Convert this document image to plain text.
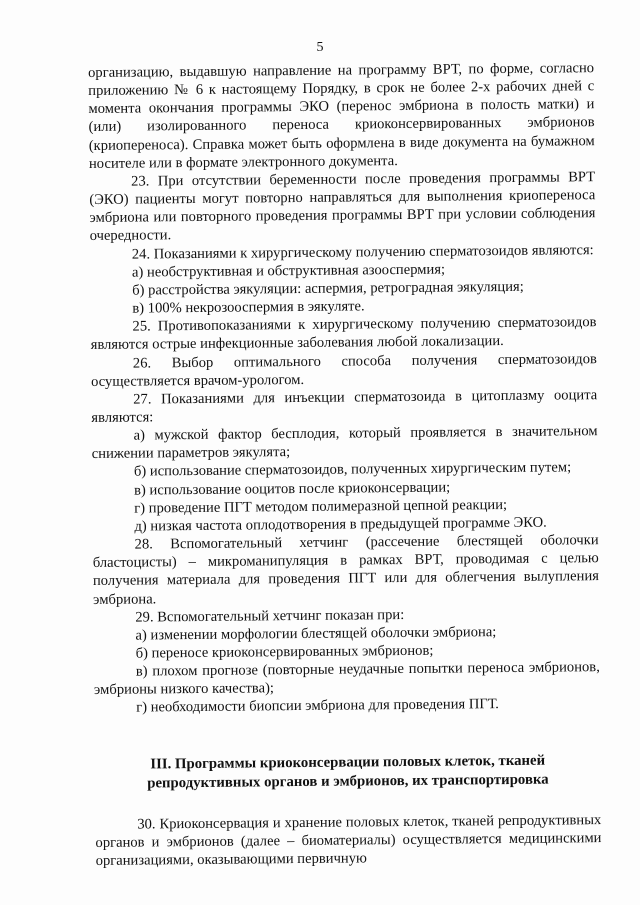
5

организацию, выдавшую направление на программу ВРТ, по форме, согласно приложению № 6 к настоящему Порядку, в срок не более 2-х рабочих дней с момента окончания программы ЭКО (перенос эмбриона в полость матки) и (или) изолированного переноса криоконсервированных эмбрионов (криопереноса). Справка может быть оформлена в виде документа на бумажном носителе или в формате электронного документа.

23. При отсутствии беременности после проведения программы ВРТ (ЭКО) пациенты могут повторно направляться для выполнения криопереноса эмбриона или повторного проведения программы ВРТ при условии соблюдения очередности.

24. Показаниями к хирургическому получению сперматозоидов являются:

а) необструктивная и обструктивная азооспермия;

б) расстройства эякуляции: аспермия, ретроградная эякуляция;

в) 100% некрозооспермия в эякуляте.

25. Противопоказаниями к хирургическому получению сперматозоидов являются острые инфекционные заболевания любой локализации.

26. Выбор оптимального способа получения сперматозоидов осуществляется врачом-урологом.

27. Показаниями для инъекции сперматозоида в цитоплазму ооцита являются:

а) мужской фактор бесплодия, который проявляется в значительном снижении параметров эякулята;

б) использование сперматозоидов, полученных хирургическим путем;

в) использование ооцитов после криоконсервации;

г) проведение ПГТ методом полимеразной цепной реакции;

д) низкая частота оплодотворения в предыдущей программе ЭКО.

28. Вспомогательный хетчинг (рассечение блестящей оболочки бластоцисты) – микроманипуляция в рамках ВРТ, проводимая с целью получения материала для проведения ПГТ или для облегчения вылупления эмбриона.

29. Вспомогательный хетчинг показан при:

а) изменении морфологии блестящей оболочки эмбриона;

б) переносе криоконсервированных эмбрионов;

в) плохом прогнозе (повторные неудачные попытки переноса эмбрионов, эмбрионы низкого качества);

г) необходимости биопсии эмбриона для проведения ПГТ.

III. Программы криоконсервации половых клеток, тканей
репродуктивных органов и эмбрионов, их транспортировка

30. Криоконсервация и хранение половых клеток, тканей репродуктивных органов и эмбрионов (далее – биоматериалы) осуществляется медицинскими организациями, оказывающими первичную
